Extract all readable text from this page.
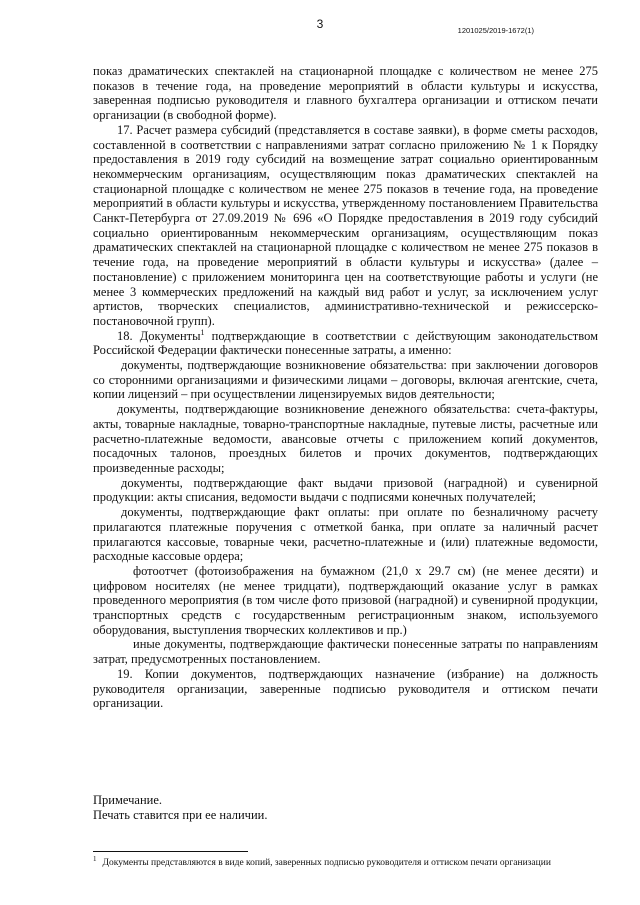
3	1201025/2019-1672(1)

показ драматических спектаклей на стационарной площадке с количеством не менее 275 показов в течение года, на проведение мероприятий в области культуры и искусства, заверенная подписью руководителя и главного бухгалтера организации и оттиском печати организации (в свободной форме).

17. Расчет размера субсидий (представляется в составе заявки), в форме сметы расходов, составленной в соответствии с направлениями затрат согласно приложению № 1 к Порядку предоставления в 2019 году субсидий на возмещение затрат социально ориентированным некоммерческим организациям, осуществляющим показ драматических спектаклей на стационарной площадке с количеством не менее 275 показов в течение года, на проведение мероприятий в области культуры и искусства, утвержденному постановлением Правительства Санкт-Петербурга от 27.09.2019 № 696 «О Порядке предоставления в 2019 году субсидий социально ориентированным некоммерческим организациям, осуществляющим показ драматических спектаклей на стационарной площадке с количеством не менее 275 показов в течение года, на проведение мероприятий в области культуры и искусства» (далее – постановление) с приложением мониторинга цен на соответствующие работы и услуги (не менее 3 коммерческих предложений на каждый вид работ и услуг, за исключением услуг артистов, творческих специалистов, административно-технической и режиссерско-постановочной групп).

18. Документы$^1$ подтверждающие в соответствии с действующим законодательством Российской Федерации фактически понесенные затраты, а именно:

документы, подтверждающие возникновение обязательства: при заключении договоров со сторонними организациями и физическими лицами – договоры, включая агентские, счета, копии лицензий – при осуществлении лицензируемых видов деятельности;

документы, подтверждающие возникновение денежного обязательства: счета-фактуры, акты, товарные накладные, товарно-транспортные накладные, путевые листы, расчетные или расчетно-платежные ведомости, авансовые отчеты с приложением копий документов, посадочных талонов, проездных билетов и прочих документов, подтверждающих произведенные расходы;

документы, подтверждающие факт выдачи призовой (наградной) и сувенирной продукции: акты списания, ведомости выдачи с подписями конечных получателей;

документы, подтверждающие факт оплаты: при оплате по безналичному расчету прилагаются платежные поручения с отметкой банка, при оплате за наличный расчет прилагаются кассовые, товарные чеки, расчетно-платежные и (или) платежные ведомости, расходные кассовые ордера;

фотоотчет (фотоизображения на бумажном (21,0 х 29.7 см) (не менее десяти) и цифровом носителях (не менее тридцати), подтверждающий оказание услуг в рамках проведенного мероприятия (в том числе фото призовой (наградной) и сувенирной продукции, транспортных средств с государственным регистрационным знаком, используемого оборудования, выступления творческих коллективов и пр.)

иные документы, подтверждающие фактически понесенные затраты по направлениям затрат, предусмотренных постановлением.

19. Копии документов, подтверждающих назначение (избрание) на должность руководителя организации, заверенные подписью руководителя и оттиском печати организации.

Примечание.

Печать ставится при ее наличии.

$^1$ Документы представляются в виде копий, заверенных подписью руководителя и оттиском печати организации
